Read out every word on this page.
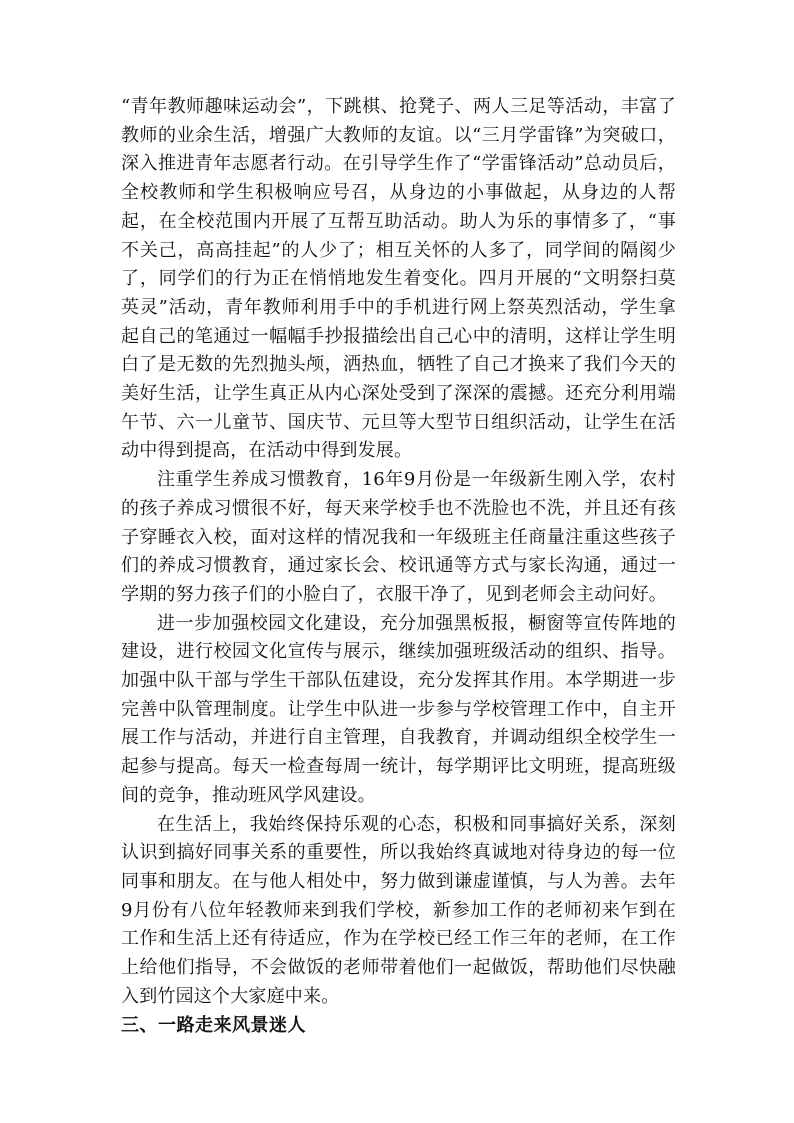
“青年教师趣味运动会”，下跳棋、抢凳子、两人三足等活动，丰富了教师的业余生活，增强广大教师的友谊。以“三月学雷锋”为突破口，深入推进青年志愿者行动。在引导学生作了“学雷锋活动”总动员后，全校教师和学生积极响应号召，从身边的小事做起，从身边的人帮起，在全校范围内开展了互帮互助活动。助人为乐的事情多了，“事不关己，高高挂起”的人少了；相互关怀的人多了，同学间的隔阂少了，同学们的行为正在悄悄地发生着变化。四月开展的“文明祭扫莫英灵”活动，青年教师利用手中的手机进行网上祭英烈活动，学生拿起自己的笔通过一幅幅手抄报描绘出自己心中的清明，这样让学生明白了是无数的先烈抛头颅，洒热血，牺牲了自己才换来了我们今天的美好生活，让学生真正从内心深处受到了深深的震撼。还充分利用端午节、六一儿童节、国庆节、元旦等大型节日组织活动，让学生在活动中得到提高，在活动中得到发展。

注重学生养成习惯教育，16年9月份是一年级新生刚入学，农村的孩子养成习惯很不好，每天来学校手也不洗脸也不洗，并且还有孩子穿睡衣入校，面对这样的情况我和一年级班主任商量注重这些孩子们的养成习惯教育，通过家长会、校讯通等方式与家长沟通，通过一学期的努力孩子们的小脸白了，衣服干净了，见到老师会主动问好。

进一步加强校园文化建设，充分加强黑板报，橱窗等宣传阵地的建设，进行校园文化宣传与展示，继续加强班级活动的组织、指导。加强中队干部与学生干部队伍建设，充分发挥其作用。本学期进一步完善中队管理制度。让学生中队进一步参与学校管理工作中，自主开展工作与活动，并进行自主管理，自我教育，并调动组织全校学生一起参与提高。每天一检查每周一统计，每学期评比文明班，提高班级间的竞争，推动班风学风建设。

在生活上，我始终保持乐观的心态，积极和同事搞好关系，深刻认识到搞好同事关系的重要性，所以我始终真诚地对待身边的每一位同事和朋友。在与他人相处中，努力做到谦虚谨慎，与人为善。去年9月份有八位年轻教师来到我们学校，新参加工作的老师初来乍到在工作和生活上还有待适应，作为在学校已经工作三年的老师，在工作上给他们指导，不会做饭的老师带着他们一起做饭，帮助他们尽快融入到竹园这个大家庭中来。

三、一路走来风景迷人
